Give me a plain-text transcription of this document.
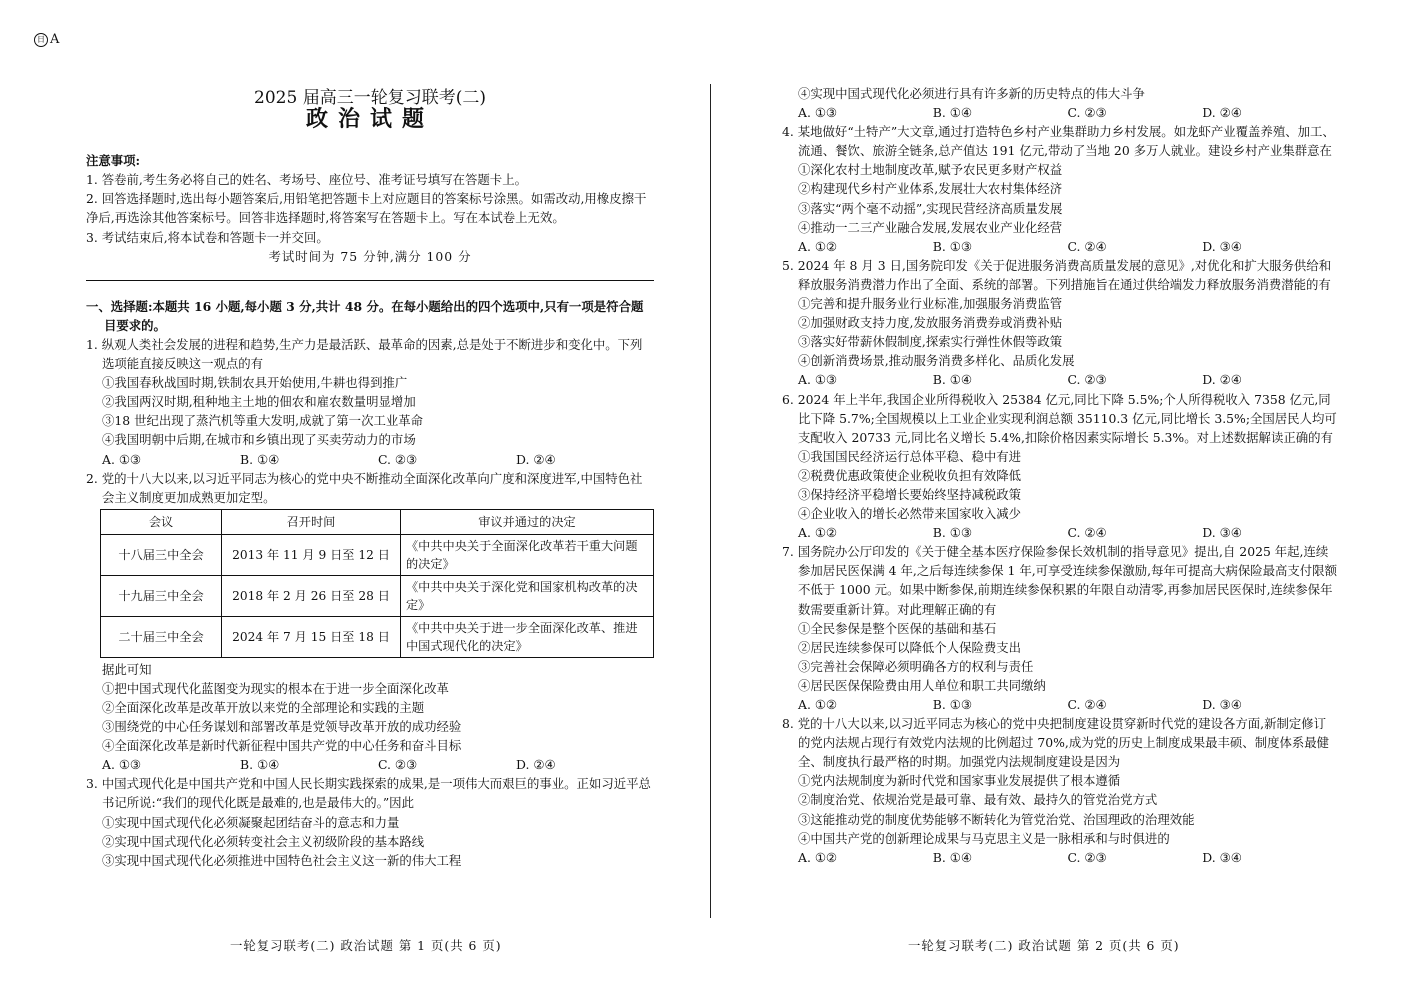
日 A
2025 届高三一轮复习联考(二)
政治试题
注意事项:
1. 答卷前,考生务必将自己的姓名、考场号、座位号、准考证号填写在答题卡上。
2. 回答选择题时,选出每小题答案后,用铅笔把答题卡上对应题目的答案标号涂黑。如需改动,用橡皮擦干净后,再选涂其他答案标号。回答非选择题时,将答案写在答题卡上。写在本试卷上无效。
3. 考试结束后,将本试卷和答题卡一并交回。
考试时间为 75 分钟,满分 100 分
一、选择题:本题共 16 小题,每小题 3 分,共计 48 分。在每小题给出的四个选项中,只有一项是符合题目要求的。
1. 纵观人类社会发展的进程和趋势,生产力是最活跃、最革命的因素,总是处于不断进步和变化中。下列选项能直接反映这一观点的有
①我国春秋战国时期,铁制农具开始使用,牛耕也得到推广
②我国两汉时期,租种地主土地的佃农和雇农数量明显增加
③18 世纪出现了蒸汽机等重大发明,成就了第一次工业革命
④我国明朝中后期,在城市和乡镇出现了买卖劳动力的市场
A. ①③	B. ①④	C. ②③	D. ②④
2. 党的十八大以来,以习近平同志为核心的党中央不断推动全面深化改革向广度和深度进军,中国特色社会主义制度更加成熟更加定型。
会议	召开时间	审议并通过的决定
十八届三中全会	2013 年 11 月 9 日至 12 日	《中共中央关于全面深化改革若干重大问题的决定》
十九届三中全会	2018 年 2 月 26 日至 28 日	《中共中央关于深化党和国家机构改革的决定》
二十届三中全会	2024 年 7 月 15 日至 18 日	《中共中央关于进一步全面深化改革、推进中国式现代化的决定》
据此可知
①把中国式现代化蓝图变为现实的根本在于进一步全面深化改革
②全面深化改革是改革开放以来党的全部理论和实践的主题
③围绕党的中心任务谋划和部署改革是党领导改革开放的成功经验
④全面深化改革是新时代新征程中国共产党的中心任务和奋斗目标
A. ①③	B. ①④	C. ②③	D. ②④
3. 中国式现代化是中国共产党和中国人民长期实践探索的成果,是一项伟大而艰巨的事业。正如习近平总书记所说:“我们的现代化既是最难的,也是最伟大的。”因此
①实现中国式现代化必须凝聚起团结奋斗的意志和力量
②实现中国式现代化必须转变社会主义初级阶段的基本路线
③实现中国式现代化必须推进中国特色社会主义这一新的伟大工程
④实现中国式现代化必须进行具有许多新的历史特点的伟大斗争
A. ①③	B. ①④	C. ②③	D. ②④
4. 某地做好“土特产”大文章,通过打造特色乡村产业集群助力乡村发展。如龙虾产业覆盖养殖、加工、流通、餐饮、旅游全链条,总产值达 191 亿元,带动了当地 20 多万人就业。建设乡村产业集群意在
①深化农村土地制度改革,赋予农民更多财产权益
②构建现代乡村产业体系,发展壮大农村集体经济
③落实“两个毫不动摇”,实现民营经济高质量发展
④推动一二三产业融合发展,发展农业产业化经营
A. ①②	B. ①③	C. ②④	D. ③④
5. 2024 年 8 月 3 日,国务院印发《关于促进服务消费高质量发展的意见》,对优化和扩大服务供给和释放服务消费潜力作出了全面、系统的部署。下列措施旨在通过供给端发力释放服务消费潜能的有
①完善和提升服务业行业标准,加强服务消费监管
②加强财政支持力度,发放服务消费券或消费补贴
③落实好带薪休假制度,探索实行弹性休假等政策
④创新消费场景,推动服务消费多样化、品质化发展
A. ①③	B. ①④	C. ②③	D. ②④
6. 2024 年上半年,我国企业所得税收入 25384 亿元,同比下降 5.5%;个人所得税收入 7358 亿元,同比下降 5.7%;全国规模以上工业企业实现利润总额 35110.3 亿元,同比增长 3.5%;全国居民人均可支配收入 20733 元,同比名义增长 5.4%,扣除价格因素实际增长 5.3%。对上述数据解读正确的有
①我国国民经济运行总体平稳、稳中有进
②税费优惠政策使企业税收负担有效降低
③保持经济平稳增长要始终坚持减税政策
④企业收入的增长必然带来国家收入减少
A. ①②	B. ①③	C. ②④	D. ③④
7. 国务院办公厅印发的《关于健全基本医疗保险参保长效机制的指导意见》提出,自 2025 年起,连续参加居民医保满 4 年,之后每连续参保 1 年,可享受连续参保激励,每年可提高大病保险最高支付限额不低于 1000 元。如果中断参保,前期连续参保积累的年限自动清零,再参加居民医保时,连续参保年数需要重新计算。对此理解正确的有
①全民参保是整个医保的基础和基石
②居民连续参保可以降低个人保险费支出
③完善社会保障必须明确各方的权利与责任
④居民医保保险费由用人单位和职工共同缴纳
A. ①②	B. ①③	C. ②④	D. ③④
8. 党的十八大以来,以习近平同志为核心的党中央把制度建设贯穿新时代党的建设各方面,新制定修订的党内法规占现行有效党内法规的比例超过 70%,成为党的历史上制度成果最丰硕、制度体系最健全、制度执行最严格的时期。加强党内法规制度建设是因为
①党内法规制度为新时代党和国家事业发展提供了根本遵循
②制度治党、依规治党是最可靠、最有效、最持久的管党治党方式
③这能推动党的制度优势能够不断转化为管党治党、治国理政的治理效能
④中国共产党的创新理论成果与马克思主义是一脉相承和与时俱进的
A. ①②	B. ①④	C. ②③	D. ③④
一轮复习联考(二) 政治试题 第 1 页(共 6 页)	一轮复习联考(二) 政治试题 第 2 页(共 6 页)
